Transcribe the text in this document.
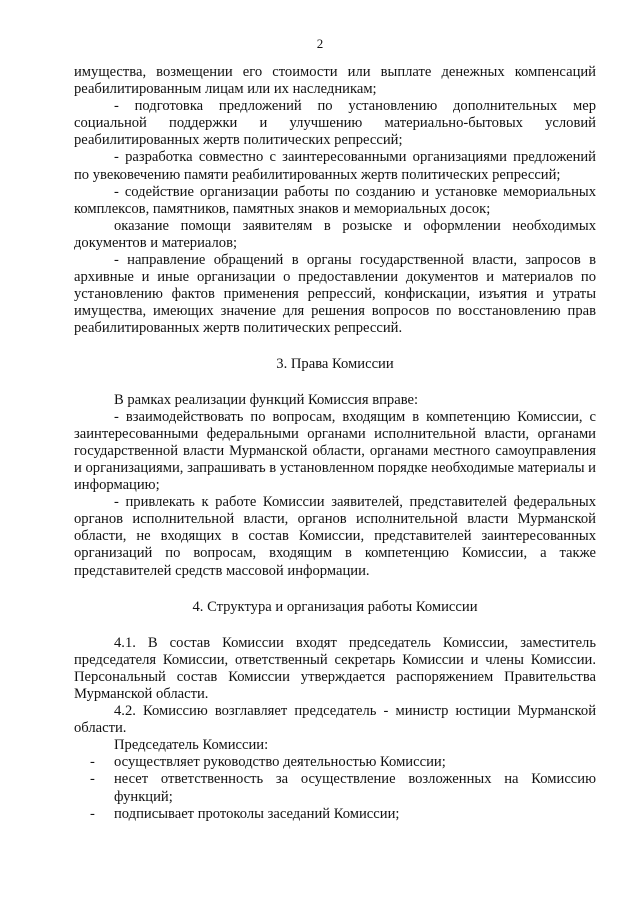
2

имущества, возмещении его стоимости или выплате денежных компенсаций реабилитированным лицам или их наследникам;

- подготовка предложений по установлению дополнительных мер социальной поддержки и улучшению материально-бытовых условий реабилитированных жертв политических репрессий;

- разработка совместно с заинтересованными организациями предложений по увековечению памяти реабилитированных жертв политических репрессий;

- содействие организации работы по созданию и установке мемориальных комплексов, памятников, памятных знаков и мемориальных досок;

оказание помощи заявителям в розыске и оформлении необходимых документов и материалов;

- направление обращений в органы государственной власти, запросов в архивные и иные организации о предоставлении документов и материалов по установлению фактов применения репрессий, конфискации, изъятия и утраты имущества, имеющих значение для решения вопросов по восстановлению прав реабилитированных жертв политических репрессий.

3. Права Комиссии

В рамках реализации функций Комиссия вправе:

- взаимодействовать по вопросам, входящим в компетенцию Комиссии, с заинтересованными федеральными органами исполнительной власти, органами государственной власти Мурманской области, органами местного самоуправления и организациями, запрашивать в установленном порядке необходимые материалы и информацию;

- привлекать к работе Комиссии заявителей, представителей федеральных органов исполнительной власти, органов исполнительной власти Мурманской области, не входящих в состав Комиссии, представителей заинтересованных организаций по вопросам, входящим в компетенцию Комиссии, а также представителей средств массовой информации.

4. Структура и организация работы Комиссии

4.1. В состав Комиссии входят председатель Комиссии, заместитель председателя Комиссии, ответственный секретарь Комиссии и члены Комиссии. Персональный состав Комиссии утверждается распоряжением Правительства Мурманской области.

4.2. Комиссию возглавляет председатель - министр юстиции Мурманской области.

Председатель Комиссии:

- осуществляет руководство деятельностью Комиссии;
- несет ответственность за осуществление возложенных на Комиссию функций;
- подписывает протоколы заседаний Комиссии;
